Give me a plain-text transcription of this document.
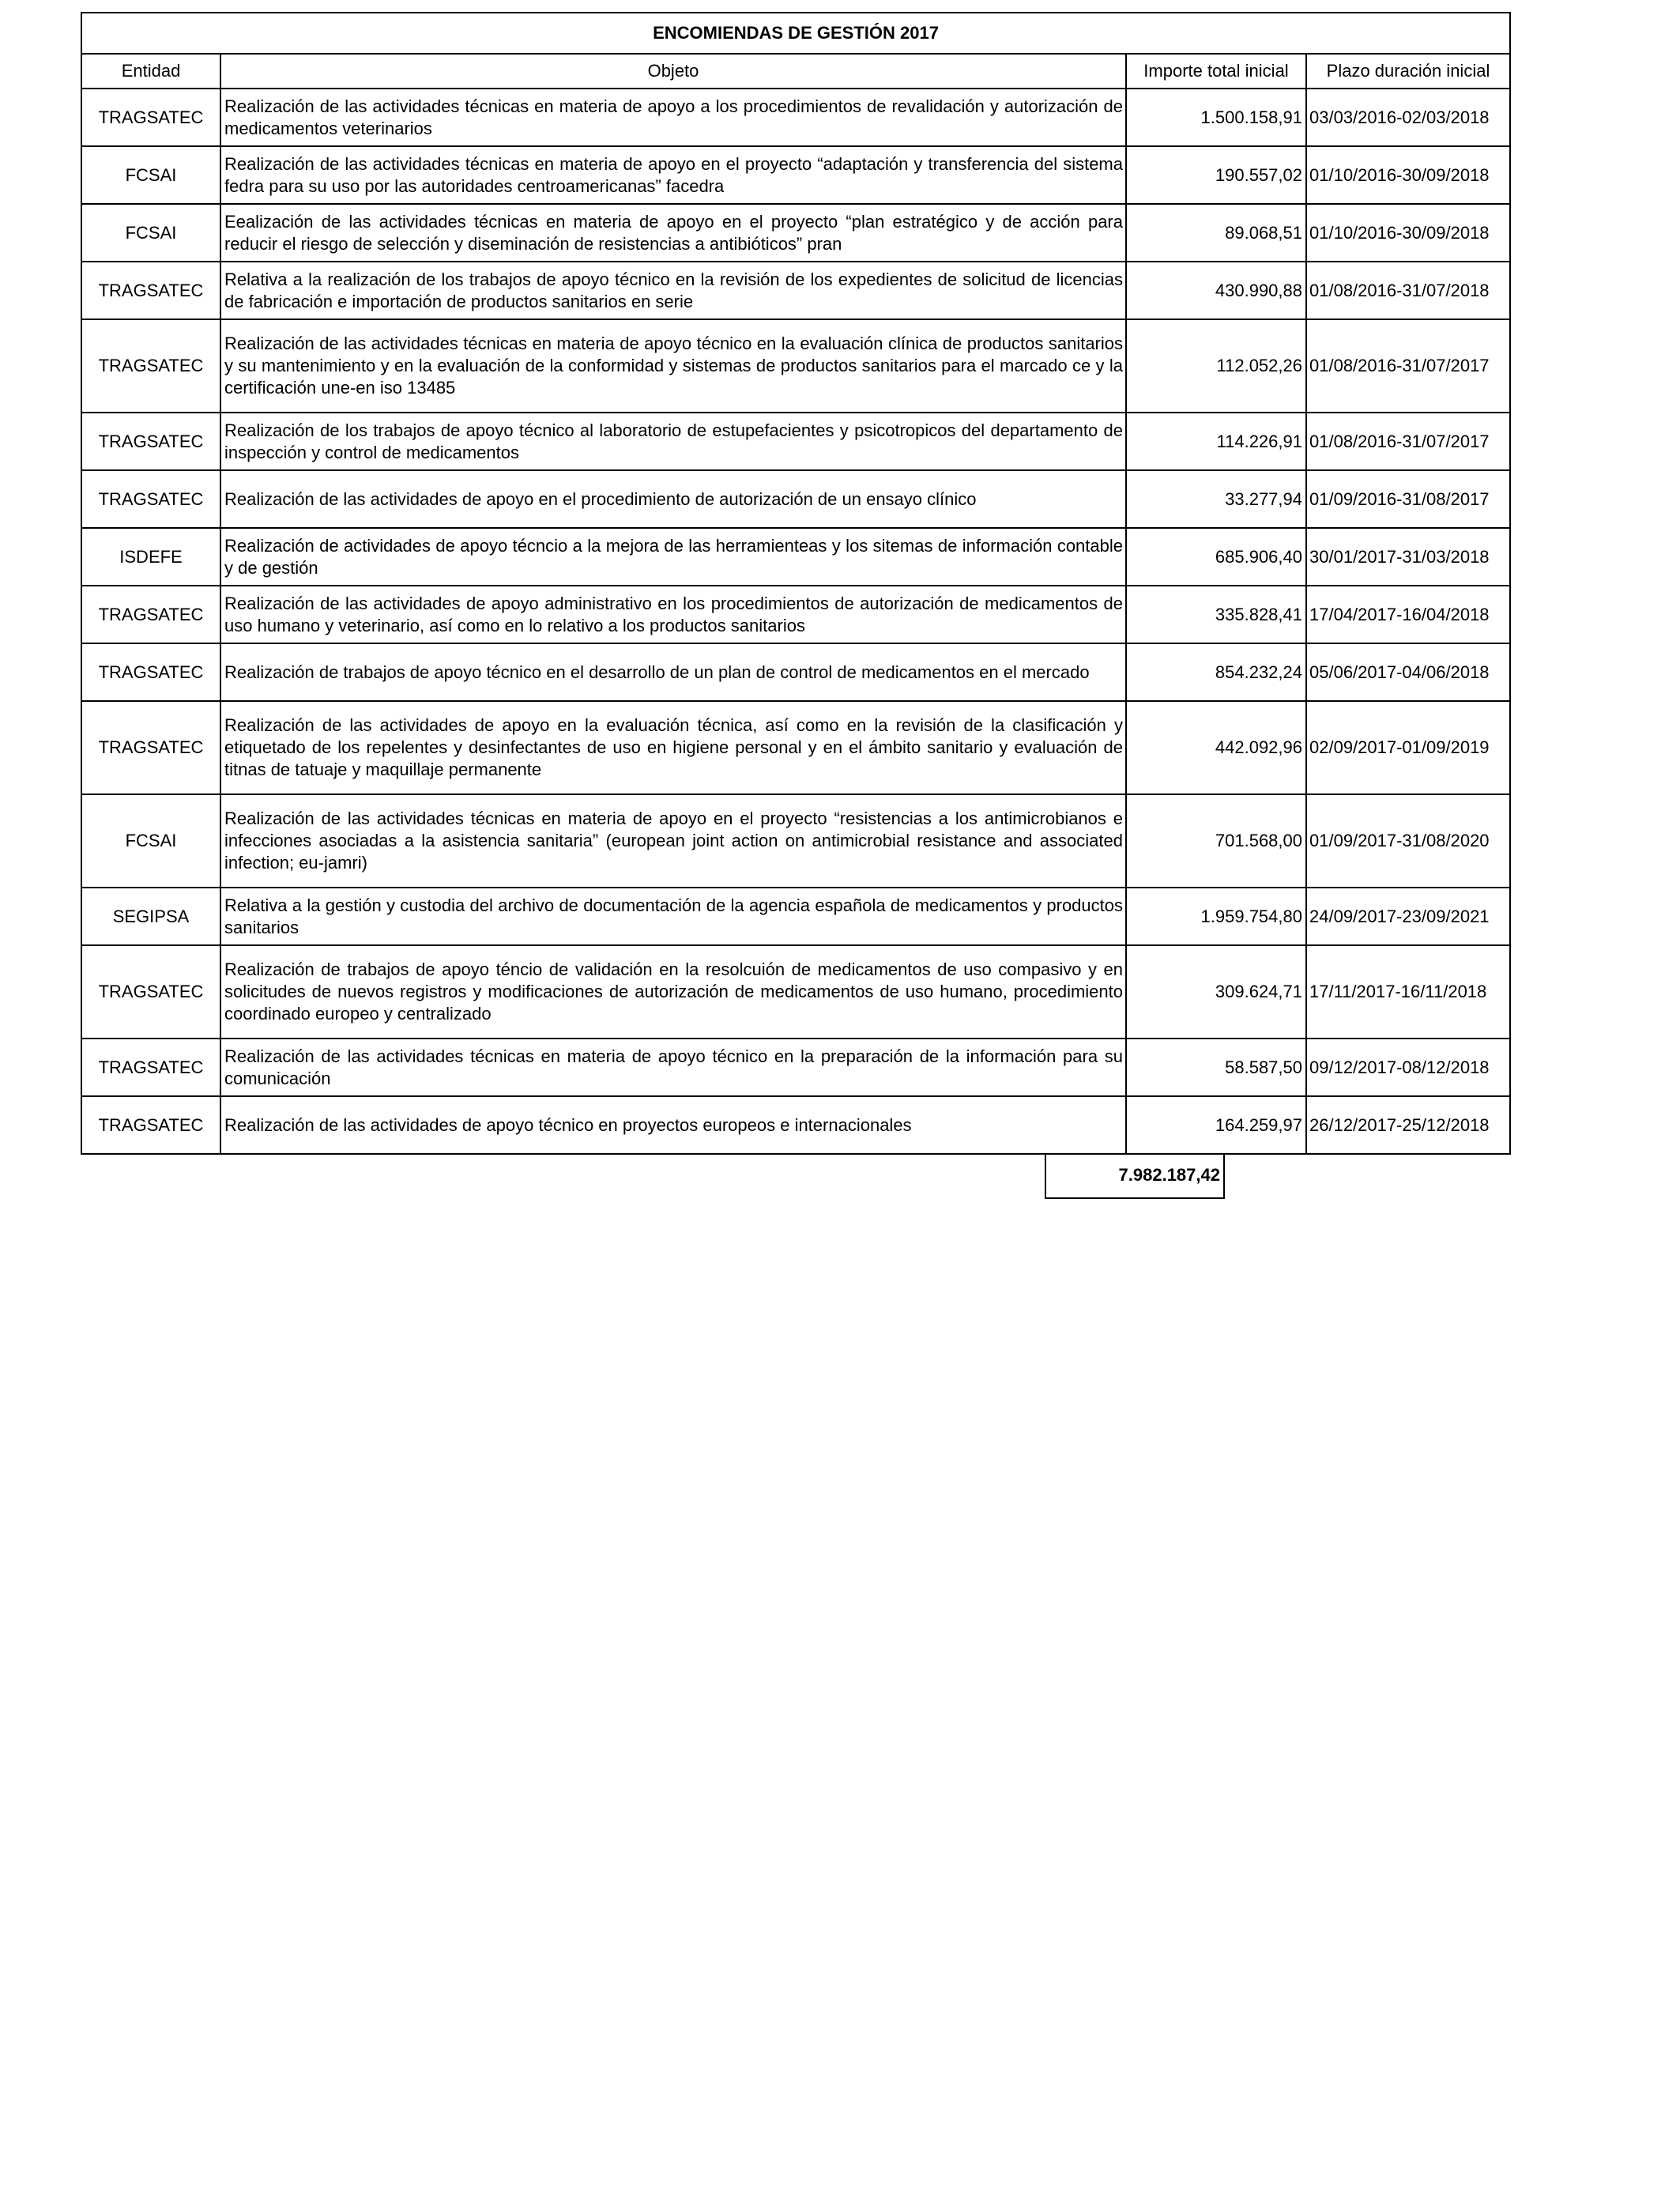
ENCOMIENDAS DE GESTIÓN 2017			
Entidad	Objeto	Importe total inicial	Plazo duración inicial
TRAGSATEC	Realización de las actividades técnicas en materia de apoyo a los procedimientos de revalidación y autorización de medicamentos veterinarios	1.500.158,91	03/03/2016-02/03/2018
FCSAI	Realización de las actividades técnicas en materia de apoyo en el proyecto “adaptación y transferencia del sistema fedra para su uso por las autoridades centroamericanas” facedra	190.557,02	01/10/2016-30/09/2018
FCSAI	Eealización de las actividades técnicas en materia de apoyo en el proyecto “plan estratégico y de acción para reducir el riesgo de selección y diseminación de resistencias a antibióticos” pran	89.068,51	01/10/2016-30/09/2018
TRAGSATEC	Relativa a la realización de los trabajos de apoyo técnico en la revisión de los expedientes de solicitud de licencias de fabricación e importación de productos sanitarios en serie	430.990,88	01/08/2016-31/07/2018
TRAGSATEC	Realización de las actividades técnicas en materia de apoyo técnico en la evaluación clínica de productos sanitarios y su mantenimiento y en la evaluación de la conformidad y sistemas de productos sanitarios para el marcado ce y la certificación une-en iso 13485	112.052,26	01/08/2016-31/07/2017
TRAGSATEC	Realización de los trabajos de apoyo técnico al laboratorio de estupefacientes y psicotropicos del departamento de inspección y control de medicamentos	114.226,91	01/08/2016-31/07/2017
TRAGSATEC	Realización de las actividades de apoyo en el procedimiento de autorización de un ensayo clínico	33.277,94	01/09/2016-31/08/2017
ISDEFE	Realización de actividades de apoyo técncio a la mejora de las herramienteas y los sitemas de información contable y de gestión	685.906,40	30/01/2017-31/03/2018
TRAGSATEC	Realización de las actividades de apoyo administrativo en los procedimientos de autorización de medicamentos de uso humano y veterinario, así como en lo relativo a los productos sanitarios	335.828,41	17/04/2017-16/04/2018
TRAGSATEC	Realización de trabajos de apoyo técnico en el desarrollo de un plan de control de medicamentos en el mercado	854.232,24	05/06/2017-04/06/2018
TRAGSATEC	Realización de las actividades de apoyo en la evaluación técnica, así como en la revisión de la clasificación y etiquetado de los repelentes y desinfectantes de uso en higiene personal y en el ámbito sanitario y evaluación de titnas de tatuaje y maquillaje permanente	442.092,96	02/09/2017-01/09/2019
FCSAI	Realización de las actividades técnicas en materia de apoyo en el proyecto “resistencias a los antimicrobianos e infecciones asociadas a la asistencia sanitaria” (european joint action on antimicrobial resistance and associated infection; eu-jamri)	701.568,00	01/09/2017-31/08/2020
SEGIPSA	Relativa a la gestión y custodia del archivo de documentación de la agencia española de medicamentos y productos sanitarios	1.959.754,80	24/09/2017-23/09/2021
TRAGSATEC	Realización de trabajos de apoyo téncio de validación en la resolcuión de medicamentos de uso compasivo y en solicitudes de nuevos registros y modificaciones de autorización de medicamentos de uso humano, procedimiento coordinado europeo y centralizado	309.624,71	17/11/2017-16/11/2018
TRAGSATEC	Realización de las actividades técnicas en materia de apoyo técnico en la preparación de la información para su comunicación	58.587,50	09/12/2017-08/12/2018
TRAGSATEC	Realización de las actividades de apoyo técnico en proyectos europeos e internacionales	164.259,97	26/12/2017-25/12/2018
7.982.187,42
